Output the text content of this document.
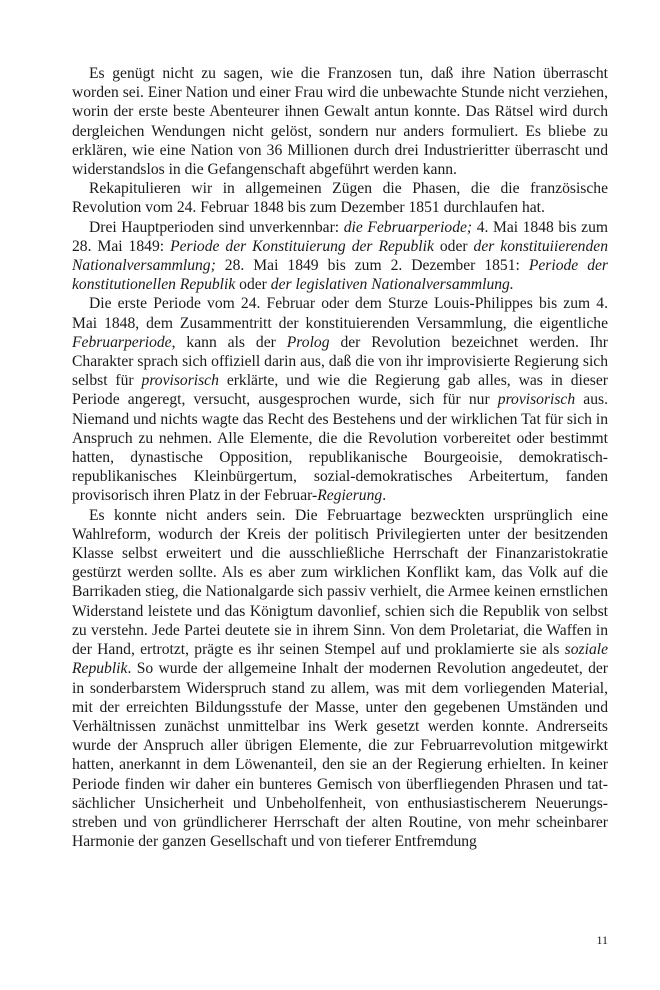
Es genügt nicht zu sagen, wie die Franzosen tun, daß ihre Nation überrascht worden sei. Einer Nation und einer Frau wird die unbewachte Stunde nicht verziehen, worin der erste beste Abenteurer ihnen Gewalt antun konnte. Das Rätsel wird durch dergleichen Wendungen nicht gelöst, sondern nur anders formuliert. Es bliebe zu erklären, wie eine Nation von 36 Millionen durch drei Industrieritter überrascht und widerstandslos in die Gefangenschaft abgeführt werden kann.

Rekapitulieren wir in allgemeinen Zügen die Phasen, die die französische Revolution vom 24. Februar 1848 bis zum Dezember 1851 durchlaufen hat.

Drei Hauptperioden sind unverkennbar: die Februarperiode; 4. Mai 1848 bis zum 28. Mai 1849: Periode der Konstituierung der Republik oder der konstituiierenden Nationalversammlung; 28. Mai 1849 bis zum 2. Dezember 1851: Periode der konstitutionellen Republik oder der legislativen Nationalversammlung.

Die erste Periode vom 24. Februar oder dem Sturze Louis-Philippes bis zum 4. Mai 1848, dem Zusammentritt der konstituierenden Versammlung, die eigentliche Februarperiode, kann als der Prolog der Revolution bezeichnet werden. Ihr Charakter sprach sich offiziell darin aus, daß die von ihr improvisierte Regierung sich selbst für provisorisch erklärte, und wie die Regierung gab alles, was in dieser Periode angeregt, versucht, ausgesprochen wurde, sich für nur provisorisch aus. Niemand und nichts wagte das Recht des Bestehens und der wirklichen Tat für sich in Anspruch zu nehmen. Alle Elemente, die die Revolution vorbereitet oder bestimmt hatten, dynastische Opposition, republikanische Bourgeoisie, demokratisch-republikanisches Kleinbürgertum, sozial-demokratisches Arbeitertum, fanden provisorisch ihren Platz in der Februar-Regierung.

Es konnte nicht anders sein. Die Februartage bezweckten ursprünglich eine Wahlreform, wodurch der Kreis der politisch Privilegierten unter der besitzenden Klasse selbst erweitert und die ausschließliche Herrschaft der Finanzaristokratie gestürzt werden sollte. Als es aber zum wirklichen Konflikt kam, das Volk auf die Barrikaden stieg, die Nationalgarde sich passiv verhielt, die Armee keinen ernstlichen Widerstand leistete und das Königtum davonlief, schien sich die Republik von selbst zu verstehn. Jede Partei deutete sie in ihrem Sinn. Von dem Proletariat, die Waffen in der Hand, ertrotzt, prägte es ihr seinen Stempel auf und proklamierte sie als soziale Republik. So wurde der allgemeine Inhalt der modernen Revolution angedeutet, der in sonderbarstem Widerspruch stand zu allem, was mit dem vorliegenden Material, mit der erreichten Bildungsstufe der Masse, unter den gegebenen Umständen und Verhältnissen zunächst unmittelbar ins Werk gesetzt werden konnte. Andrerseits wurde der Anspruch aller übrigen Elemente, die zur Februarrevolution mitgewirkt hatten, anerkannt in dem Löwenanteil, den sie an der Regierung erhielten. In keiner Periode finden wir daher ein bunteres Gemisch von überfliegenden Phrasen und tatsächlicher Unsicherheit und Unbeholfenheit, von enthusiastischerem Neuerungsstreben und von gründlicherer Herrschaft der alten Routine, von mehr scheinbarer Harmonie der ganzen Gesellschaft und von tieferer Entfremdung

11
